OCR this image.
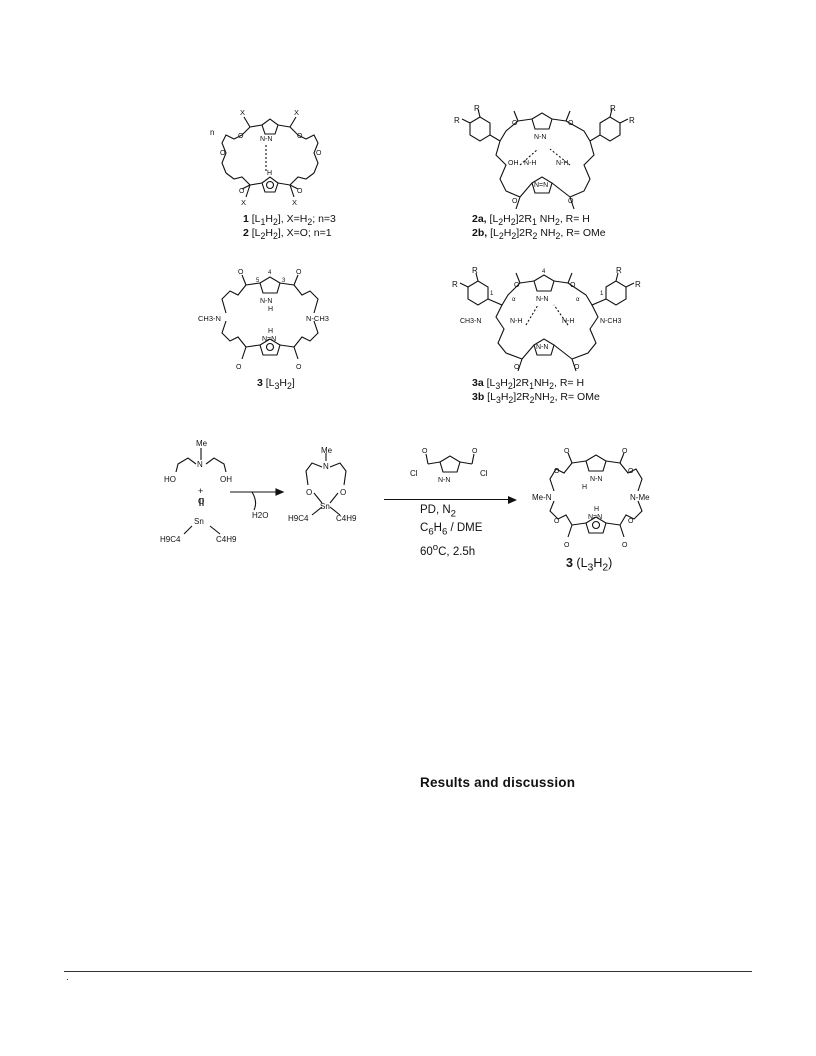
n
X	X
X	X
N-N
H
O	O
O	O
O	O
1 $[L_1H_2]$, $X=H_2$; n=3
2 $[L_2H_2]$, X=O; n=1
R
R
R
R
N-N
OH N-H	N-H
N=N
O	O
O	O
2a, $[L_2H_2]2R_1$ $NH_2$, R= H
2b, $[L_2H_2]2R_2$ $NH_2$, R= OMe
4
5	3
O	O
N-N
H
CH3-N	N-CH3
H
N=N
O	O
3 $[L_3H_2]$
R
R
R
R
4
1	1
α	α
N-N
CH3-N	N-H	N-H	N-CH3
N-N
O	O
O	O
3a $[L_3H_2]2R_1NH_2$, R= H
3b $[L_3H_2]2R_2NH_2$, R= OMe
Me
N
HO	OH
+
O
Sn
H9C4	C4H9
H2O
Me
N
O	O
Sn
H9C4	C4H9
O	O
Cl	Cl
N-N
PD, $N_2$
$C_6H_6$ / DME
60$^o$C, 2.5h
O	O
O	O
N-N
H
Me-N	N-Me
H
N=N
O	O
O	O
3 $(L_3H_2)$
Results and discussion
·
